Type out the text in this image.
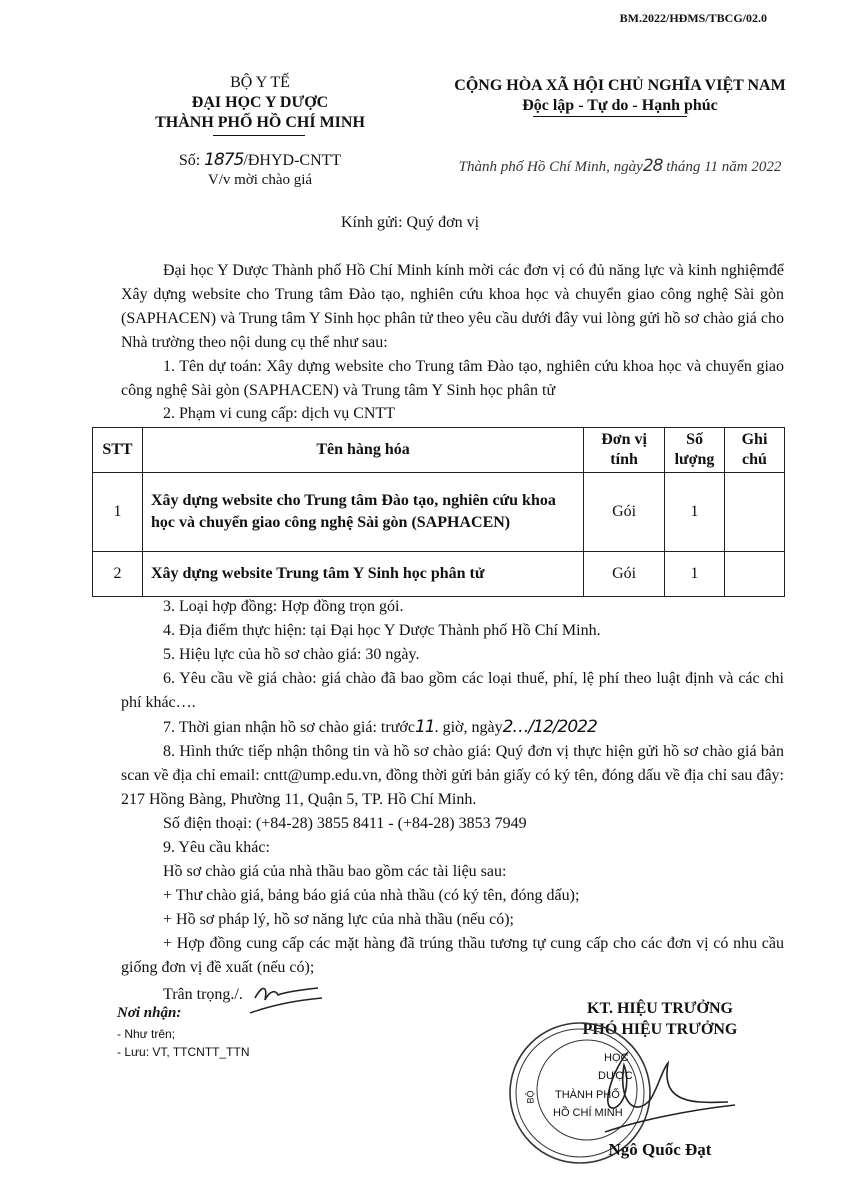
BM.2022/HĐMS/TBCG/02.0
BỘ Y TẾ
ĐẠI HỌC Y DƯỢC
THÀNH PHỐ HỒ CHÍ MINH
Số: 1875/ĐHYD-CNTT
V/v mời chào giá
CỘNG HÒA XÃ HỘI CHỦ NGHĨA VIỆT NAM
Độc lập - Tự do - Hạnh phúc
Thành phố Hồ Chí Minh, ngày28 tháng 11 năm 2022
Kính gửi: Quý đơn vị
Đại học Y Dược Thành phố Hồ Chí Minh kính mời các đơn vị có đủ năng lực và kinh nghiệmđể Xây dựng website cho Trung tâm Đào tạo, nghiên cứu khoa học và chuyển giao công nghệ Sài gòn (SAPHACEN) và Trung tâm Y Sinh học phân tử theo yêu cầu dưới đây vui lòng gửi hồ sơ chào giá cho Nhà trường theo nội dung cụ thể như sau:
1. Tên dự toán: Xây dựng website cho Trung tâm Đào tạo, nghiên cứu khoa học và chuyển giao công nghệ Sài gòn (SAPHACEN) và Trung tâm Y Sinh học phân tử
2. Phạm vi cung cấp: dịch vụ CNTT
STT	Tên hàng hóa	Đơn vị tính	Số lượng	Ghi chú
1	Xây dựng website cho Trung tâm Đào tạo, nghiên cứu khoa học và chuyển giao công nghệ Sài gòn (SAPHACEN)	Gói	1	
2	Xây dựng website Trung tâm Y Sinh học phân tử	Gói	1	

3. Loại hợp đồng: Hợp đồng trọn gói.

4. Địa điểm thực hiện: tại Đại học Y Dược Thành phố Hồ Chí Minh.

5. Hiệu lực của hồ sơ chào giá: 30 ngày.

6. Yêu cầu về giá chào: giá chào đã bao gồm các loại thuế, phí, lệ phí theo luật định và các chi phí khác….

7. Thời gian nhận hồ sơ chào giá: trước11. giờ, ngày2…/12/2022

8. Hình thức tiếp nhận thông tin và hồ sơ chào giá: Quý đơn vị thực hiện gửi hồ sơ chào giá bản scan về địa chỉ email: cntt@ump.edu.vn, đồng thời gửi bản giấy có ký tên, đóng dấu về địa chỉ sau đây: 217 Hồng Bàng, Phường 11, Quận 5, TP. Hồ Chí Minh.

Số điện thoại: (+84-28) 3855 8411 - (+84-28) 3853 7949

9. Yêu cầu khác:

Hồ sơ chào giá của nhà thầu bao gồm các tài liệu sau:

+ Thư chào giá, bảng báo giá của nhà thầu (có ký tên, đóng dấu);

+ Hồ sơ pháp lý, hồ sơ năng lực của nhà thầu (nếu có);

+ Hợp đồng cung cấp các mặt hàng đã trúng thầu tương tự cung cấp cho các đơn vị có nhu cầu giống đơn vị đề xuất (nếu có);

Trân trọng./.
Nơi nhận:
- Như trên;
- Lưu: VT, TTCNTT_TTN
KT. HIỆU TRƯỞNG
PHÓ HIỆU TRƯỞNG
HỌC
DƯỢC
THÀNH PHỐ
HỒ CHÍ MINH
BỘ
Ngô Quốc Đạt
